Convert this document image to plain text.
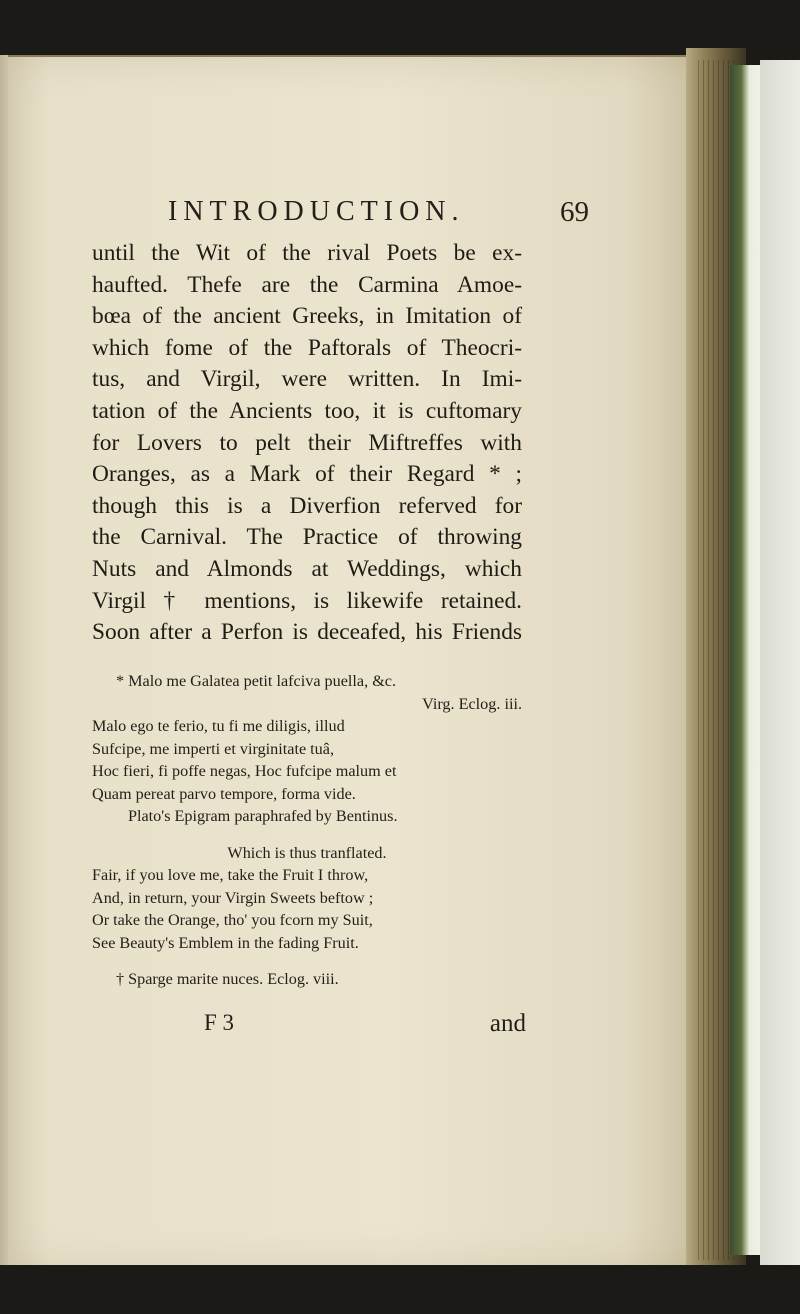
INTRODUCTION.	69

until the Wit of the rival Poets be ex-

haufted. Thefe are the Carmina Amoe-

bœa of the ancient Greeks, in Imitation of

which fome of the Paftorals of Theocri-

tus, and Virgil, were written. In Imi-

tation of the Ancients too, it is cuftomary

for Lovers to pelt their Miftreffes with

Oranges, as a Mark of their Regard * ;

though this is a Diverfion referved for

the Carnival. The Practice of throwing

Nuts and Almonds at Weddings, which

Virgil † mentions, is likewife retained.

Soon after a Perfon is deceafed, his Friends

* Malo me Galatea petit lafciva puella, &c.

Virg. Eclog. iii.

Malo ego te ferio, tu fi me diligis, illud

Sufcipe, me imperti et virginitate tuâ,

Hoc fieri, fi poffe negas, Hoc fufcipe malum et

Quam pereat parvo tempore, forma vide.

Plato's Epigram paraphrafed by Bentinus.

Which is thus tranflated.

Fair, if you love me, take the Fruit I throw,

And, in return, your Virgin Sweets beftow ;

Or take the Orange, tho' you fcorn my Suit,

See Beauty's Emblem in the fading Fruit.

† Sparge marite nuces. Eclog. viii.

F 3	and
